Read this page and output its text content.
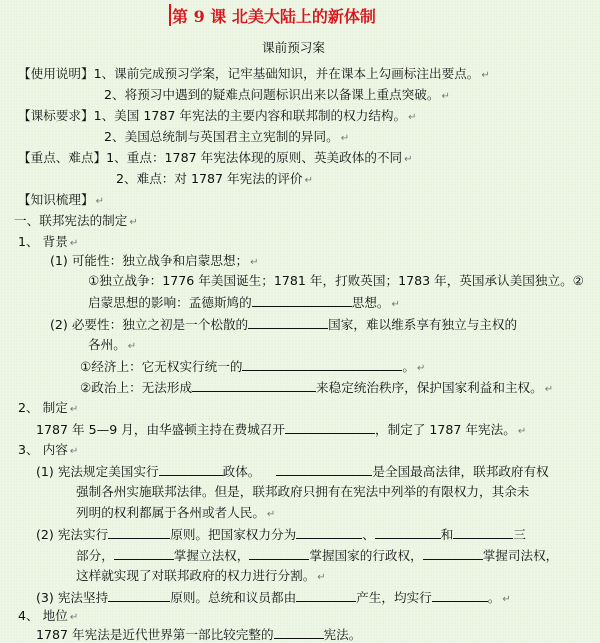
第 9 课 北美大陆上的新体制
课前预习案
【使用说明】1、课前完成预习学案，记牢基础知识，并在课本上勾画标注出要点。 ↵
2、将预习中遇到的疑难点问题标识出来以备课上重点突破。 ↵
【课标要求】1、美国 1787 年宪法的主要内容和联邦制的权力结构。 ↵
2、美国总统制与英国君主立宪制的异同。 ↵
【重点、难点】1、重点：1787 年宪法体现的原则、英美政体的不同 ↵
2、难点：对 1787 年宪法的评价 ↵
【知识梳理】 ↵
一、联邦宪法的制定 ↵
1、 背景 ↵
(1) 可能性：独立战争和启蒙思想； ↵
①独立战争：1776 年美国诞生；1781 年，打败英国；1783 年，英国承认美国独立。②
启蒙思想的影响：孟德斯鸠的	思想。 ↵
(2) 必要性：独立之初是一个松散的	国家，难以维系享有独立与主权的
各州。 ↵
①经济上：它无权实行统一的	。 ↵
②政治上：无法形成	来稳定统治秩序，保护国家利益和主权。 ↵
2、 制定 ↵
1787 年 5—9 月，由华盛顿主持在费城召开	，制定了 1787 年宪法。 ↵
3、 内容 ↵
(1) 宪法规定美国实行	政体。	是全国最高法律，联邦政府有权
强制各州实施联邦法律。但是，联邦政府只拥有在宪法中列举的有限权力，其余未
列明的权利都属于各州或者人民。 ↵
(2) 宪法实行	原则。把国家权力分为	、	和	三
部分，	掌握立法权，	掌握国家的行政权，	掌握司法权，
这样就实现了对联邦政府的权力进行分割。 ↵
(3) 宪法坚持	原则。总统和议员都由	产生，均实行	。 ↵
4、 地位 ↵
1787 年宪法是近代世界第一部比较完整的	宪法。
